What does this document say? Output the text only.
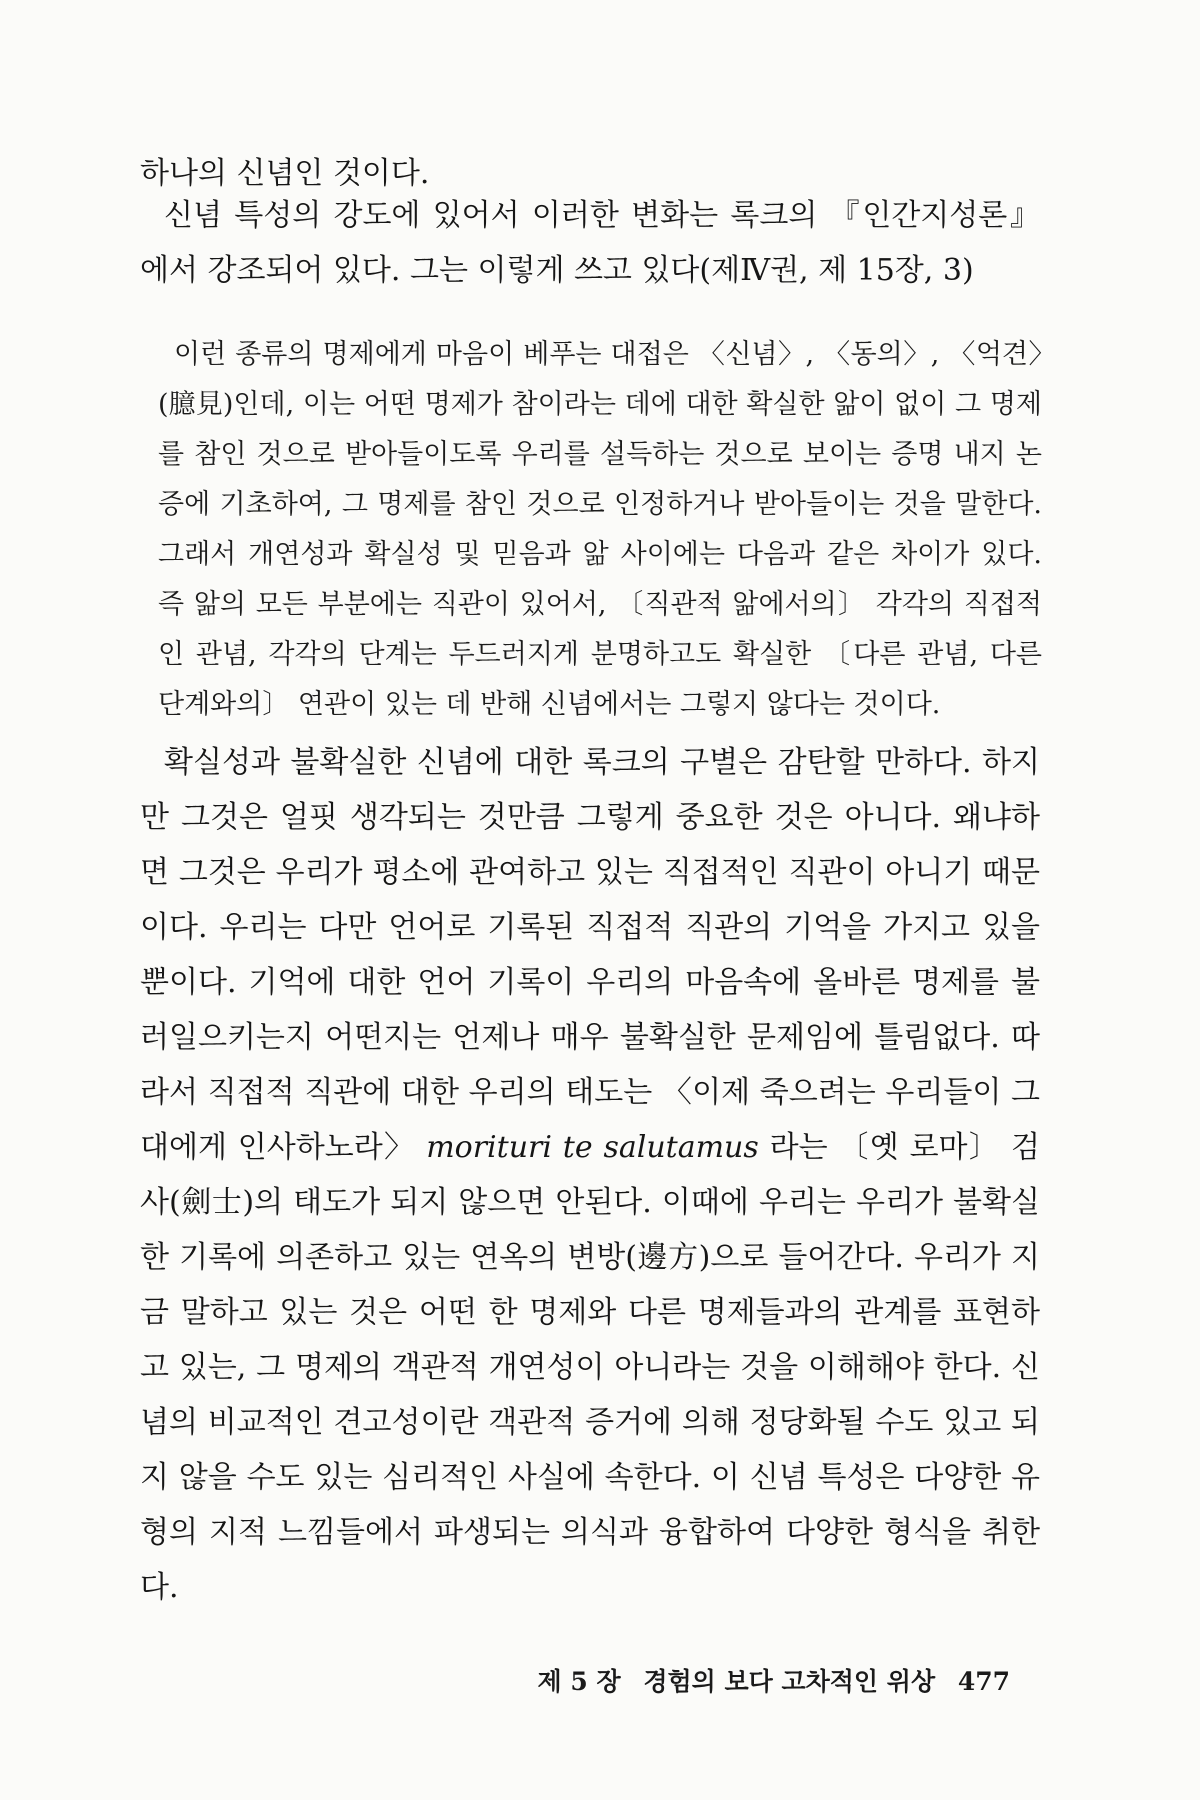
하나의 신념인 것이다.

신념 특성의 강도에 있어서 이러한 변화는 록크의 『인간지성론』에서 강조되어 있다. 그는 이렇게 쓰고 있다(제Ⅳ권, 제 15장, 3)

이런 종류의 명제에게 마음이 베푸는 대접은 〈신념〉, 〈동의〉, 〈억견〉(臆見)인데, 이는 어떤 명제가 참이라는 데에 대한 확실한 앎이 없이 그 명제를 참인 것으로 받아들이도록 우리를 설득하는 것으로 보이는 증명 내지 논증에 기초하여, 그 명제를 참인 것으로 인정하거나 받아들이는 것을 말한다. 그래서 개연성과 확실성 및 믿음과 앎 사이에는 다음과 같은 차이가 있다. 즉 앎의 모든 부분에는 직관이 있어서, 〔직관적 앎에서의〕 각각의 직접적인 관념, 각각의 단계는 두드러지게 분명하고도 확실한 〔다른 관념, 다른 단계와의〕 연관이 있는 데 반해 신념에서는 그렇지 않다는 것이다.

확실성과 불확실한 신념에 대한 록크의 구별은 감탄할 만하다. 하지만 그것은 얼핏 생각되는 것만큼 그렇게 중요한 것은 아니다. 왜냐하면 그것은 우리가 평소에 관여하고 있는 직접적인 직관이 아니기 때문이다. 우리는 다만 언어로 기록된 직접적 직관의 기억을 가지고 있을 뿐이다. 기억에 대한 언어 기록이 우리의 마음속에 올바른 명제를 불러일으키는지 어떤지는 언제나 매우 불확실한 문제임에 틀림없다. 따라서 직접적 직관에 대한 우리의 태도는 〈이제 죽으려는 우리들이 그대에게 인사하노라〉 morituri te salutamus 라는 〔옛 로마〕 검사(劍士)의 태도가 되지 않으면 안된다. 이때에 우리는 우리가 불확실한 기록에 의존하고 있는 연옥의 변방(邊方)으로 들어간다. 우리가 지금 말하고 있는 것은 어떤 한 명제와 다른 명제들과의 관계를 표현하고 있는, 그 명제의 객관적 개연성이 아니라는 것을 이해해야 한다. 신념의 비교적인 견고성이란 객관적 증거에 의해 정당화될 수도 있고 되지 않을 수도 있는 심리적인 사실에 속한다. 이 신념 특성은 다양한 유형의 지적 느낌들에서 파생되는 의식과 융합하여 다양한 형식을 취한다.

제 5 장 경험의 보다 고차적인 위상 477
